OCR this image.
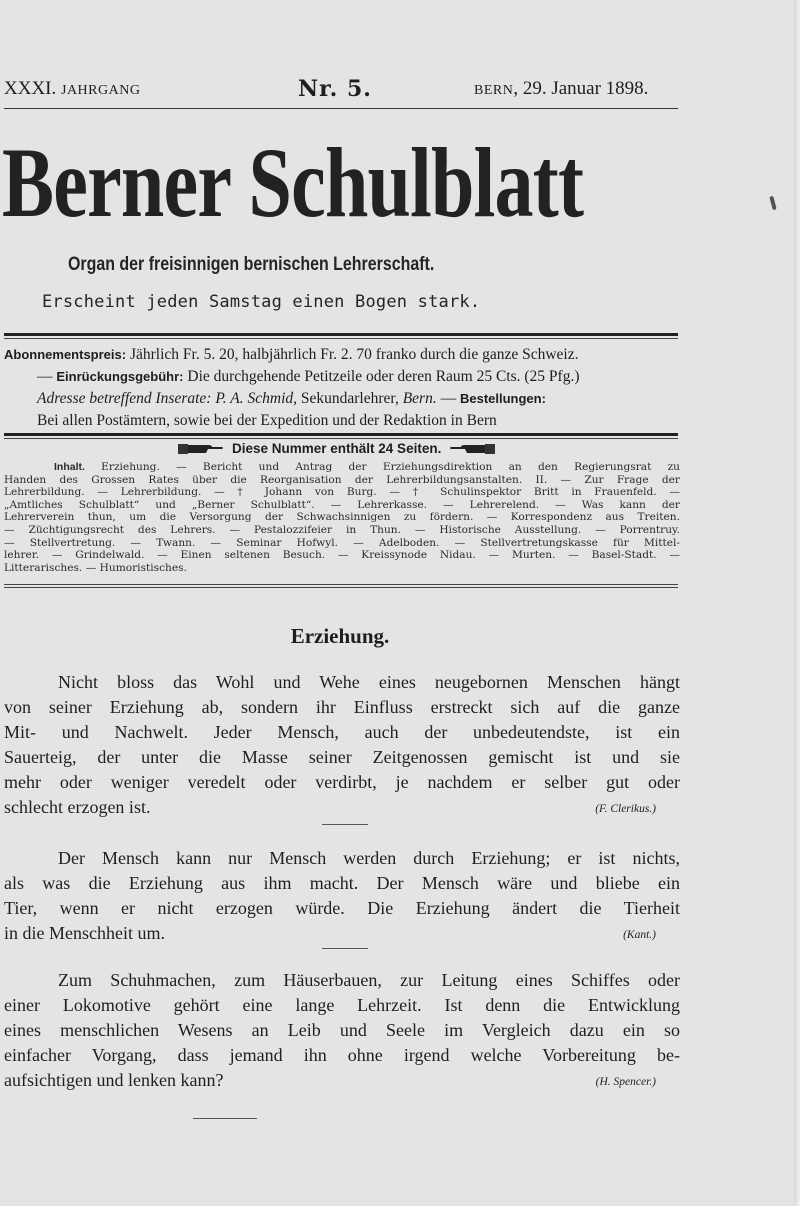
XXXI. JAHRGANG	Nr. 5.	BERN, 29. Januar 1898.
Berner Schulblatt
Organ der freisinnigen bernischen Lehrerschaft.
Erscheint jeden Samstag einen Bogen stark.
Abonnementspreis: Jährlich Fr. 5. 20, halbjährlich Fr. 2. 70 franko durch die ganze Schweiz.
— Einrückungsgebühr: Die durchgehende Petitzeile oder deren Raum 25 Cts. (25 Pfg.)
Adresse betreffend Inserate: P. A. Schmid, Sekundarlehrer, Bern. — Bestellungen:
Bei allen Postämtern, sowie bei der Expedition und der Redaktion in Bern
Diese Nummer enthält 24 Seiten.
Inhalt. Erziehung. — Bericht und Antrag der Erziehungsdirektion an den Regierungsrat zu
Handen des Grossen Rates über die Reorganisation der Lehrerbildungsanstalten. II. — Zur Frage der
Lehrerbildung. — Lehrerbildung. — † Johann von Burg. — † Schulinspektor Britt in Frauenfeld. —
„Amtliches Schulblatt“ und „Berner Schulblatt“. — Lehrerkasse. — Lehrerelend. — Was kann der
Lehrerverein thun, um die Versorgung der Schwachsinnigen zu fördern. — Korrespondenz aus Treiten.
— Züchtigungsrecht des Lehrers. — Pestalozzifeier in Thun. — Historische Ausstellung. — Porrentruy.
— Stellvertretung. — Twann. — Seminar Hofwyl. — Adelboden. — Stellvertretungskasse für Mittel-
lehrer. — Grindelwald. — Einen seltenen Besuch. — Kreissynode Nidau. — Murten. — Basel-Stadt. —
Litterarisches. — Humoristisches.
Erziehung.
Nicht bloss das Wohl und Wehe eines neugebornen Menschen hängt
von seiner Erziehung ab, sondern ihr Einfluss erstreckt sich auf die ganze
Mit- und Nachwelt. Jeder Mensch, auch der unbedeutendste, ist ein
Sauerteig, der unter die Masse seiner Zeitgenossen gemischt ist und sie
mehr oder weniger veredelt oder verdirbt, je nachdem er selber gut oder
schlecht erzogen ist.	(F. Clerikus.)
Der Mensch kann nur Mensch werden durch Erziehung; er ist nichts,
als was die Erziehung aus ihm macht. Der Mensch wäre und bliebe ein
Tier, wenn er nicht erzogen würde. Die Erziehung ändert die Tierheit
in die Menschheit um.	(Kant.)
Zum Schuhmachen, zum Häuserbauen, zur Leitung eines Schiffes oder
einer Lokomotive gehört eine lange Lehrzeit. Ist denn die Entwicklung
eines menschlichen Wesens an Leib und Seele im Vergleich dazu ein so
einfacher Vorgang, dass jemand ihn ohne irgend welche Vorbereitung be-
aufsichtigen und lenken kann?	(H. Spencer.)
